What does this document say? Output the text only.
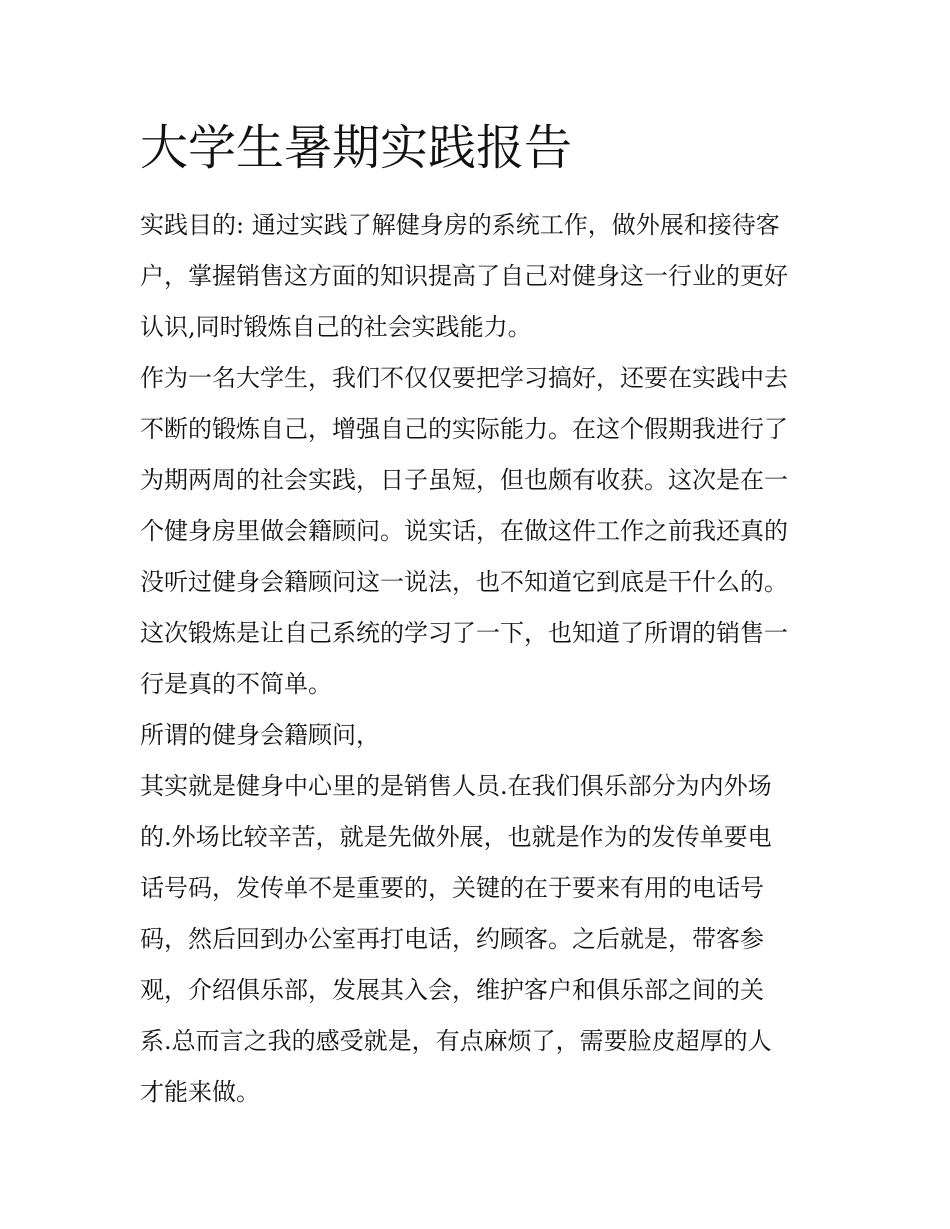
大学生暑期实践报告

实践目的: 通过实践了解健身房的系统工作，做外展和接待客

户，掌握销售这方面的知识提高了自己对健身这一行业的更好

认识,同时锻炼自己的社会实践能力。

作为一名大学生，我们不仅仅要把学习搞好，还要在实践中去

不断的锻炼自己，增强自己的实际能力。在这个假期我进行了

为期两周的社会实践，日子虽短，但也颇有收获。这次是在一

个健身房里做会籍顾问。说实话，在做这件工作之前我还真的

没听过健身会籍顾问这一说法，也不知道它到底是干什么的。

这次锻炼是让自己系统的学习了一下，也知道了所谓的销售一

行是真的不简单。

所谓的健身会籍顾问，

其实就是健身中心里的是销售人员.在我们俱乐部分为内外场

的.外场比较辛苦，就是先做外展，也就是作为的发传单要电

话号码，发传单不是重要的，关键的在于要来有用的电话号

码，然后回到办公室再打电话，约顾客。之后就是，带客参

观，介绍俱乐部，发展其入会，维护客户和俱乐部之间的关

系.总而言之我的感受就是，有点麻烦了，需要脸皮超厚的人

才能来做。
